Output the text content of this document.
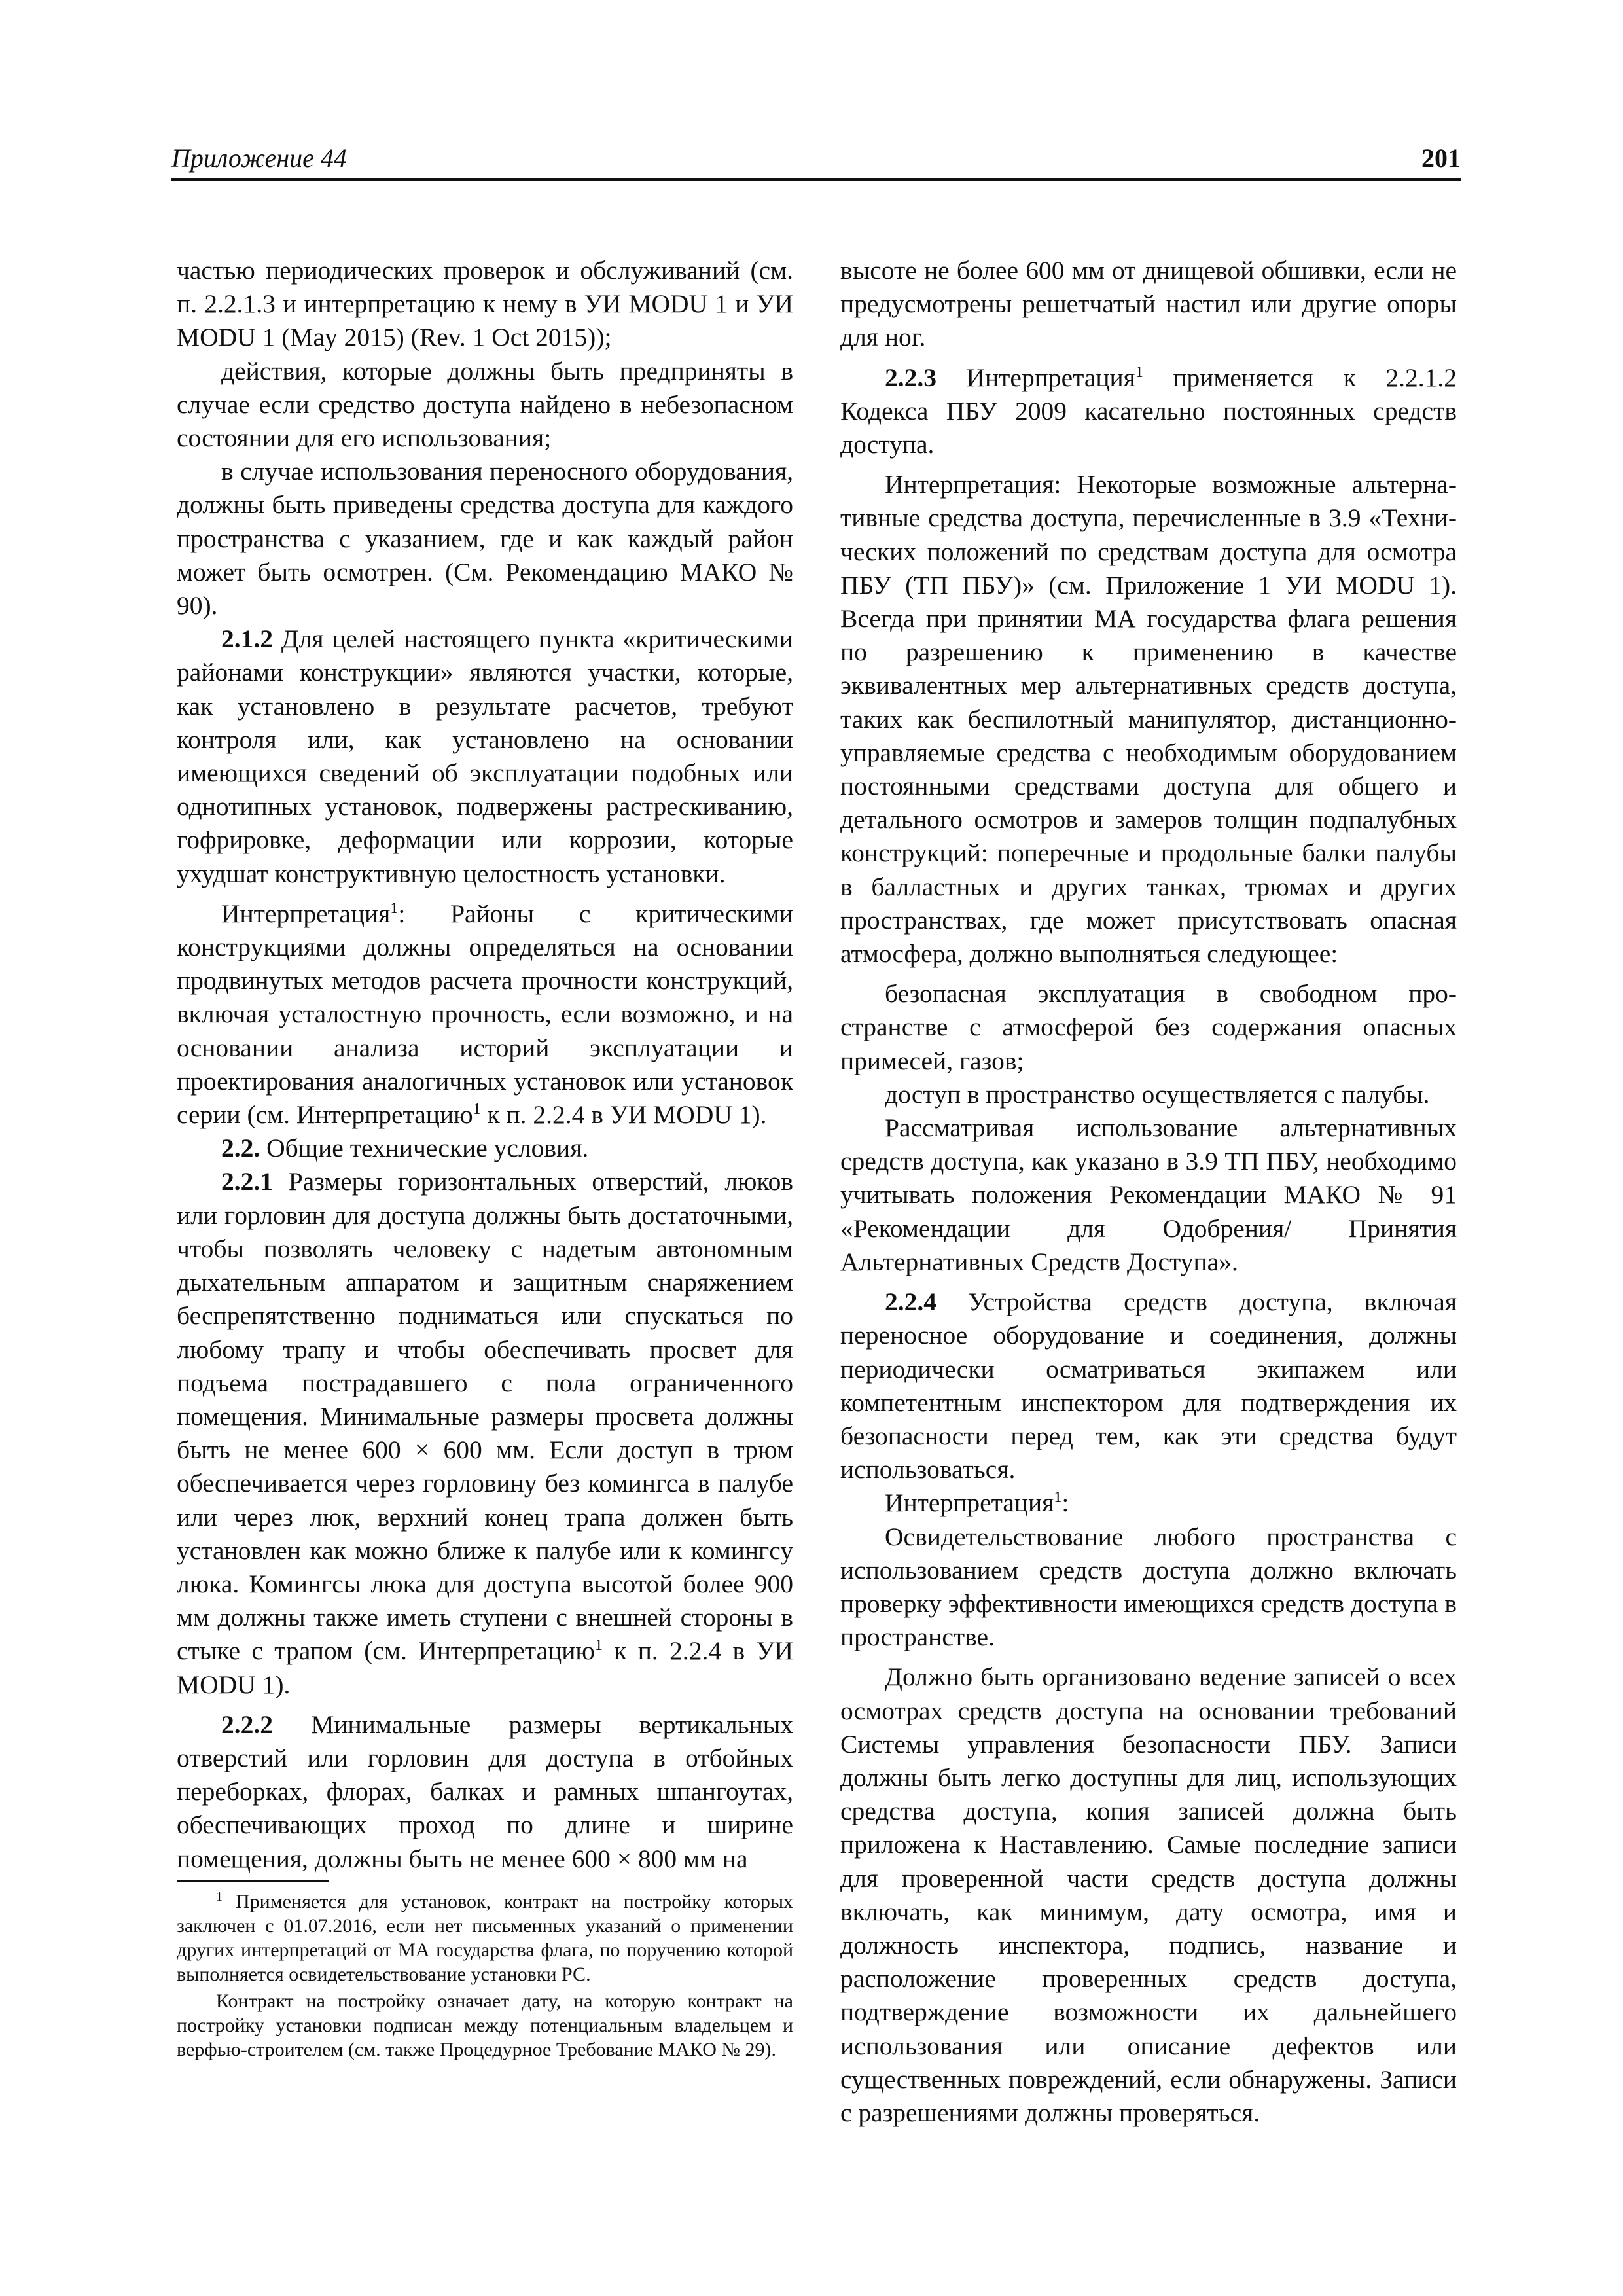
Приложение 44	201

частью периодических проверок и обслуживаний (см. п. 2.2.1.3 и интерпретацию к нему в УИ MODU 1 и УИ MODU 1 (May 2015) (Rev. 1 Oct 2015));

действия, которые должны быть предприняты в случае если средство доступа найдено в небезопасном состоянии для его использования;

в случае использования переносного оборудования, должны быть приведены средства доступа для каждого пространства с указанием, где и как каждый район может быть осмотрен. (См. Рекомендацию МАКО № 90).

2.1.2 Для целей настоящего пункта «критическими районами конструкции» являются участки, которые, как установлено в результате расчетов, требуют контроля или, как установлено на основании имеющихся сведений об эксплуатации подобных или однотипных установок, подвержены растрескиванию, гофрировке, деформации или коррозии, которые ухудшат конструктивную целостность установки.

Интерпретация$^1$: Районы с критическими конструкциями должны определяться на основании продвинутых методов расчета прочности конструкций, включая усталостную прочность, если возможно, и на основании анализа историй эксплуатации и проектирования аналогичных установок или установок серии (см. Интерпретацию$^1$ к п. 2.2.4 в УИ MODU 1).

2.2. Общие технические условия.

2.2.1 Размеры горизонтальных отверстий, люков или горловин для доступа должны быть достаточными, чтобы позволять человеку с надетым автономным дыхательным аппаратом и защитным снаряжением беспрепятственно подниматься или спускаться по любому трапу и чтобы обеспечивать просвет для подъема пострадавшего с пола ограниченного помещения. Минимальные размеры просвета должны быть не менее 600 × 600 мм. Если доступ в трюм обеспечивается через горловину без комингса в палубе или через люк, верхний конец трапа должен быть установлен как можно ближе к палубе или к комингсу люка. Комингсы люка для доступа высотой более 900 мм должны также иметь ступени с внешней стороны в стыке с трапом (см. Интерпретацию$^1$ к п. 2.2.4 в УИ MODU 1).

2.2.2 Минимальные размеры вертикальных отверстий или горловин для доступа в отбойных переборках, флорах, балках и рамных шпангоутах, обеспечивающих проход по длине и ширине помещения, должны быть не менее 600 × 800 мм на

$^1$ Применяется для установок, контракт на постройку которых заключен с 01.07.2016, если нет письменных указаний о применении других интерпретаций от МА государства флага, по поручению которой выполняется освидетельствование установки РС.

Контракт на постройку означает дату, на которую контракт на постройку установки подписан между потенциальным владельцем и верфью-строителем (см. также Процедурное Требование МАКО № 29).

высоте не более 600 мм от днищевой обшивки, если не предусмотрены решетчатый настил или другие опоры для ног.

2.2.3 Интерпретация$^1$ применяется к 2.2.1.2 Кодекса ПБУ 2009 касательно постоянных средств доступа.

Интерпретация: Некоторые возможные альтернативные средства доступа, перечисленные в 3.9 «Технических положений по средствам доступа для осмотра ПБУ (ТП ПБУ)» (см. Приложение 1 УИ MODU 1). Всегда при принятии МА государства флага решения по разрешению к применению в качестве эквивалентных мер альтернативных средств доступа, таких как беспилотный манипулятор, дистанционно-управляемые средства с необходимым оборудованием постоянными средствами доступа для общего и детального осмотров и замеров толщин подпалубных конструкций: поперечные и продольные балки палубы в балластных и других танках, трюмах и других пространствах, где может присутствовать опасная атмосфера, должно выполняться следующее:

безопасная эксплуатация в свободном пространстве с атмосферой без содержания опасных примесей, газов;

доступ в пространство осуществляется с палубы.

Рассматривая использование альтернативных средств доступа, как указано в 3.9 ТП ПБУ, необходимо учитывать положения Рекомендации МАКО № 91 «Рекомендации для Одобрения/ Принятия Альтернативных Средств Доступа».

2.2.4 Устройства средств доступа, включая переносное оборудование и соединения, должны периодически осматриваться экипажем или компетентным инспектором для подтверждения их безопасности перед тем, как эти средства будут использоваться.

Интерпретация$^1$:

Освидетельствование любого пространства с использованием средств доступа должно включать проверку эффективности имеющихся средств доступа в пространстве.

Должно быть организовано ведение записей о всех осмотрах средств доступа на основании требований Системы управления безопасности ПБУ. Записи должны быть легко доступны для лиц, использующих средства доступа, копия записей должна быть приложена к Наставлению. Самые последние записи для проверенной части средств доступа должны включать, как минимум, дату осмотра, имя и должность инспектора, подпись, название и расположение проверенных средств доступа, подтверждение возможности их дальнейшего использования или описание дефектов или существенных повреждений, если обнаружены. Записи с разрешениями должны проверяться.
